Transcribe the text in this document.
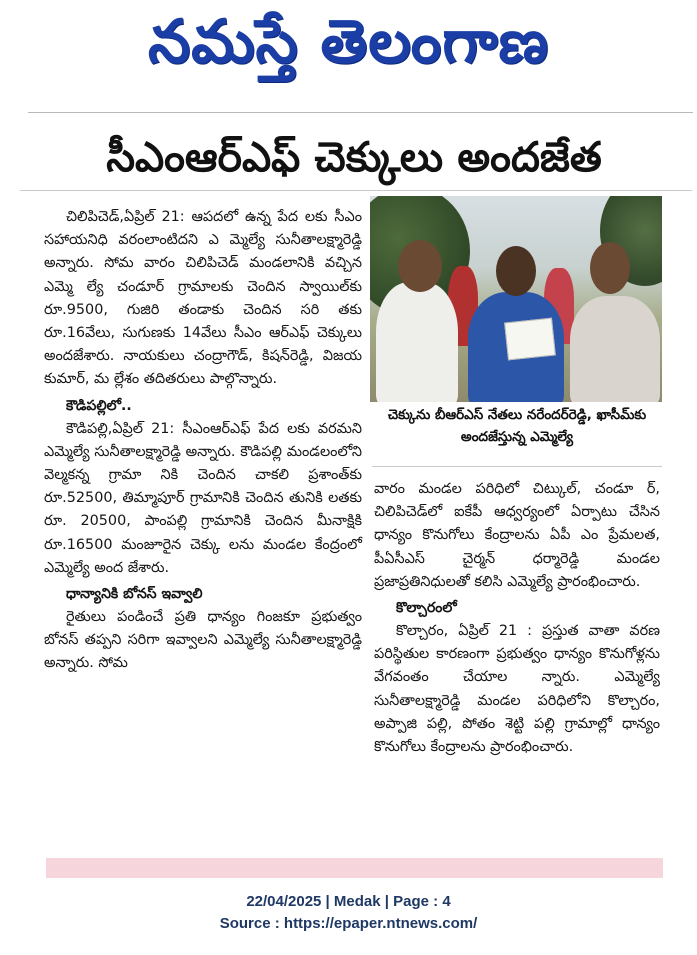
నమస్తే తెలంగాణ
సీఎంఆర్ఎఫ్ చెక్కులు అందజేత

చిలిపిచెడ్,ఏప్రిల్ 21: ఆపదలో ఉన్న పేద లకు సీఎం సహాయనిధి వరంలాంటిదని ఎ మ్మెల్యే సునీతాలక్ష్మారెడ్డి అన్నారు. సోమ వారం చిలిపిచెడ్ మండలానికి వచ్చిన ఎమ్మె ల్యే చండూర్ గ్రామాలకు చెందిన స్వాయిల్‌కు రూ.9500, గుజిరి తండాకు చెందిన సరి తకు రూ.16వేలు, సుగుణకు 14వేలు సీఎం ఆర్ఎఫ్ చెక్కులు అందజేశారు. నాయకులు చంద్రాగౌడ్, కిషన్‌రెడ్డి, విజయ కుమార్, మ ల్లేశం తదితరులు పాల్గొన్నారు.

కౌడిపల్లిలో..

కౌడిపల్లి,ఏప్రిల్ 21: సీఎంఆర్ఎఫ్ పేద లకు వరమని ఎమ్మెల్యే సునీతాలక్ష్మారెడ్డి అన్నారు. కౌడిపల్లి మండలంలోని వెల్మకన్న గ్రామా నికి చెందిన చాకలి ప్రశాంత్‌కు రూ.52500, తిమ్మాపూర్ గ్రామానికి చెందిన తునికి లతకు రూ. 20500, పాంపల్లి గ్రామానికి చెందిన మీనాక్షికి రూ.16500 మంజూరైన చెక్కు లను మండల కేంద్రంలో ఎమ్మెల్యే అంద జేశారు.

ధాన్యానికి బోనస్ ఇవ్వాలి

రైతులు పండించే ప్రతి ధాన్యం గింజకూ ప్రభుత్వం బోనస్ తప్పని సరిగా ఇవ్వాలని ఎమ్మెల్యే సునీతాలక్ష్మారెడ్డి అన్నారు. సోమ

చెక్కును బీఆర్ఎస్ నేతలు నరేందర్‌రెడ్డి, ఖాసీమ్‌కు అందజేస్తున్న ఎమ్మెల్యే

వారం మండల పరిధిలో చిట్కుల్, చండూ ర్, చిలిపిచెడ్‌లో ఐకేపీ ఆధ్వర్యంలో ఏర్పాటు చేసిన ధాన్యం కొనుగోలు కేంద్రాలను ఏపీ ఎం ప్రేమలత, పీఏసీఎస్ చైర్మన్ ధర్మారెడ్డి మండల ప్రజాప్రతినిధులతో కలిసి ఎమ్మెల్యే ప్రారంభించారు.

కొల్చారంలో

కొల్చారం, ఏప్రిల్ 21 : ప్రస్తుత వాతా వరణ పరిస్థితుల కారణంగా ప్రభుత్వం ధాన్యం కొనుగోళ్లను వేగవంతం చేయాల న్నారు. ఎమ్మెల్యే సునీతాలక్ష్మారెడ్డి మండల పరిధిలోని కొల్చారం, అప్పాజి పల్లి, పోతం శెట్టి పల్లి గ్రామాల్లో ధాన్యం కొనుగోలు కేంద్రాలను ప్రారంభించారు.

22/04/2025 | Medak | Page : 4
Source : https://epaper.ntnews.com/
